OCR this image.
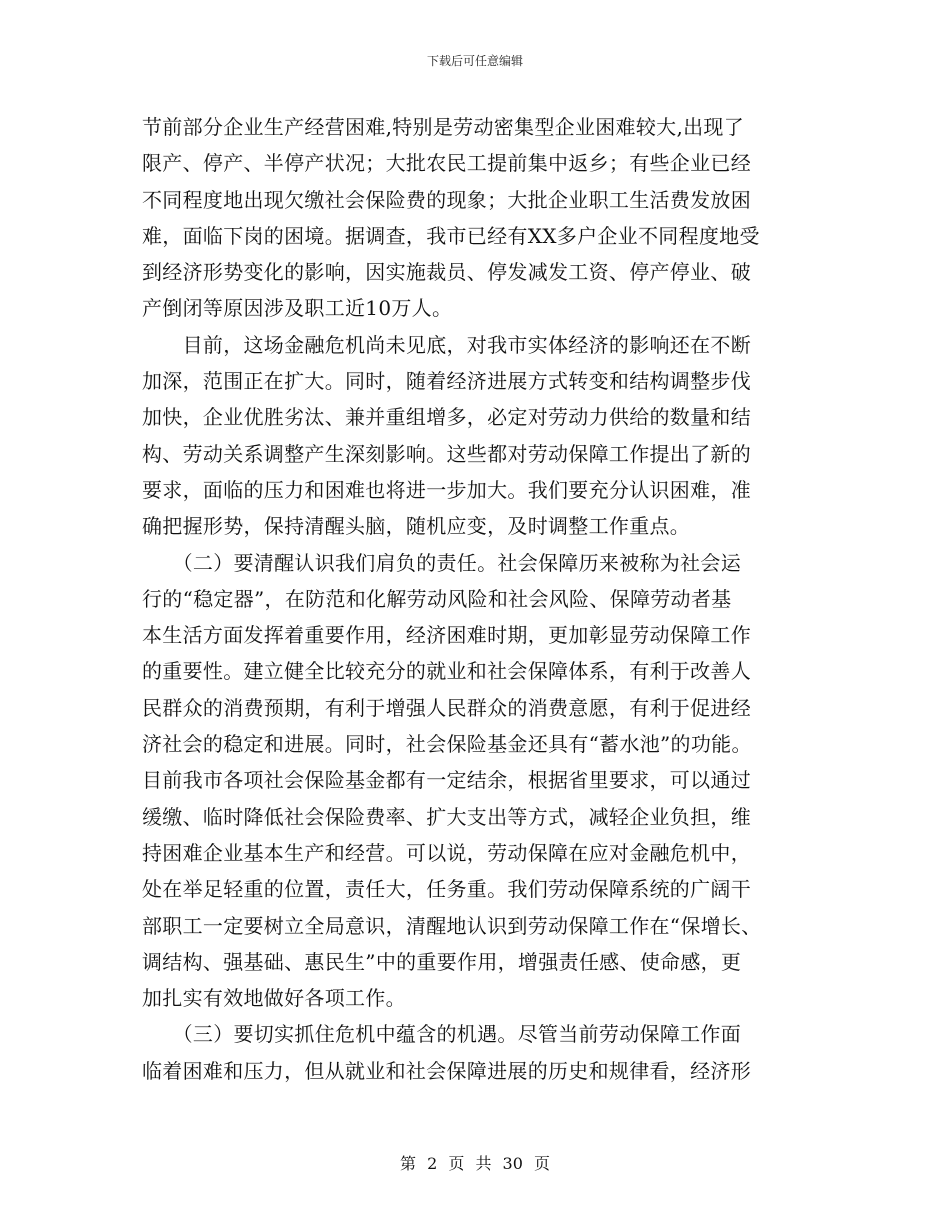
下载后可任意编辑
节前部分企业生产经营困难,特别是劳动密集型企业困难较大,出现了
限产、停产、半停产状况；大批农民工提前集中返乡；有些企业已经
不同程度地出现欠缴社会保险费的现象；大批企业职工生活费发放困
难，面临下岗的困境。据调查，我市已经有XX多户企业不同程度地受
到经济形势变化的影响，因实施裁员、停发减发工资、停产停业、破
产倒闭等原因涉及职工近10万人。
　　目前，这场金融危机尚未见底，对我市实体经济的影响还在不断
加深，范围正在扩大。同时，随着经济进展方式转变和结构调整步伐
加快，企业优胜劣汰、兼并重组增多，必定对劳动力供给的数量和结
构、劳动关系调整产生深刻影响。这些都对劳动保障工作提出了新的
要求，面临的压力和困难也将进一步加大。我们要充分认识困难，准
确把握形势，保持清醒头脑，随机应变，及时调整工作重点。
　　（二）要清醒认识我们肩负的责任。社会保障历来被称为社会运
行的“稳定器”，在防范和化解劳动风险和社会风险、保障劳动者基
本生活方面发挥着重要作用，经济困难时期，更加彰显劳动保障工作
的重要性。建立健全比较充分的就业和社会保障体系，有利于改善人
民群众的消费预期，有利于增强人民群众的消费意愿，有利于促进经
济社会的稳定和进展。同时，社会保险基金还具有“蓄水池”的功能。
目前我市各项社会保险基金都有一定结余，根据省里要求，可以通过
缓缴、临时降低社会保险费率、扩大支出等方式，减轻企业负担，维
持困难企业基本生产和经营。可以说，劳动保障在应对金融危机中，
处在举足轻重的位置，责任大，任务重。我们劳动保障系统的广阔干
部职工一定要树立全局意识，清醒地认识到劳动保障工作在“保增长、
调结构、强基础、惠民生”中的重要作用，增强责任感、使命感，更
加扎实有效地做好各项工作。
　　（三）要切实抓住危机中蕴含的机遇。尽管当前劳动保障工作面
临着困难和压力，但从就业和社会保障进展的历史和规律看，经济形
第 2 页 共 30 页
